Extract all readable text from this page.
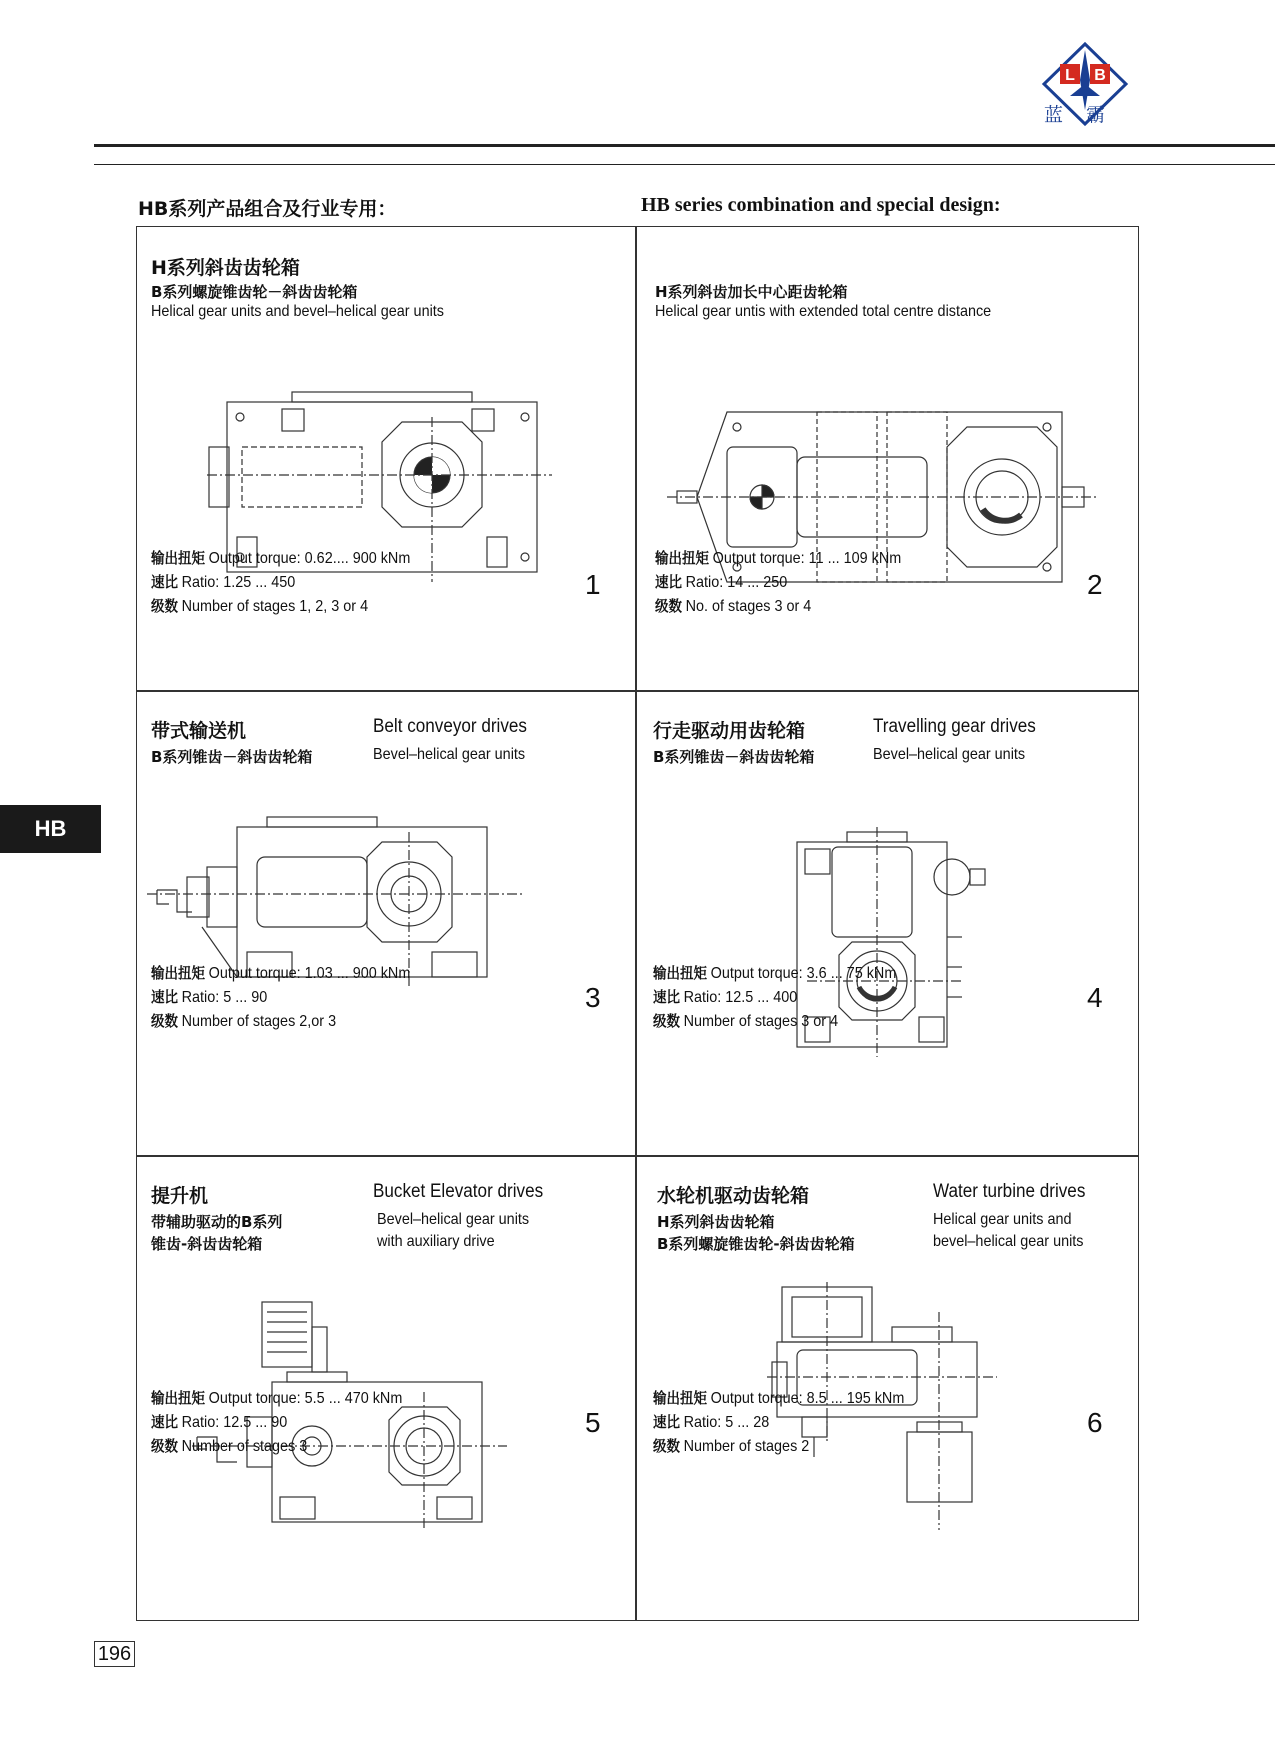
L B
蓝 霸
HB系列产品组合及行业专用：	HB series combination and special design:
HB
H系列斜齿齿轮箱
B系列螺旋锥齿轮－斜齿齿轮箱
Helical gear units and bevel–helical gear units
输出扭矩 Output torque: 0.62.... 900 kNm
速比 Ratio: 1.25 ... 450
级数 Number of stages 1, 2, 3 or 4
1
H系列斜齿加长中心距齿轮箱
Helical gear untis with extended total centre distance
输出扭矩 Output torque: 11 ... 109 kNm
速比 Ratio: 14 ... 250
级数 No. of stages 3 or 4
2
带式输送机	Belt conveyor drives
B系列锥齿－斜齿齿轮箱	Bevel–helical gear units
输出扭矩 Output torque: 1.03 ... 900 kNm
速比 Ratio: 5 ... 90
级数 Number of stages 2,or 3
3
行走驱动用齿轮箱	Travelling gear drives
B系列锥齿－斜齿齿轮箱	Bevel–helical gear units
输出扭矩 Output torque: 3.6 ... 75 kNm
速比 Ratio: 12.5 ... 400
级数 Number of stages 3 or 4
4
提升机	Bucket Elevator drives
带辅助驱动的B系列
锥齿-斜齿齿轮箱
Bevel–helical gear units
with auxiliary drive
输出扭矩 Output torque: 5.5 ... 470 kNm
速比 Ratio: 12.5 ... 90
级数 Number of stages 3
5
水轮机驱动齿轮箱	Water turbine drives
H系列斜齿齿轮箱
B系列螺旋锥齿轮-斜齿齿轮箱
Helical gear units and
bevel–helical gear units
输出扭矩 Output torque: 8.5 ... 195 kNm
速比 Ratio: 5 ... 28
级数 Number of stages 2
6
196
